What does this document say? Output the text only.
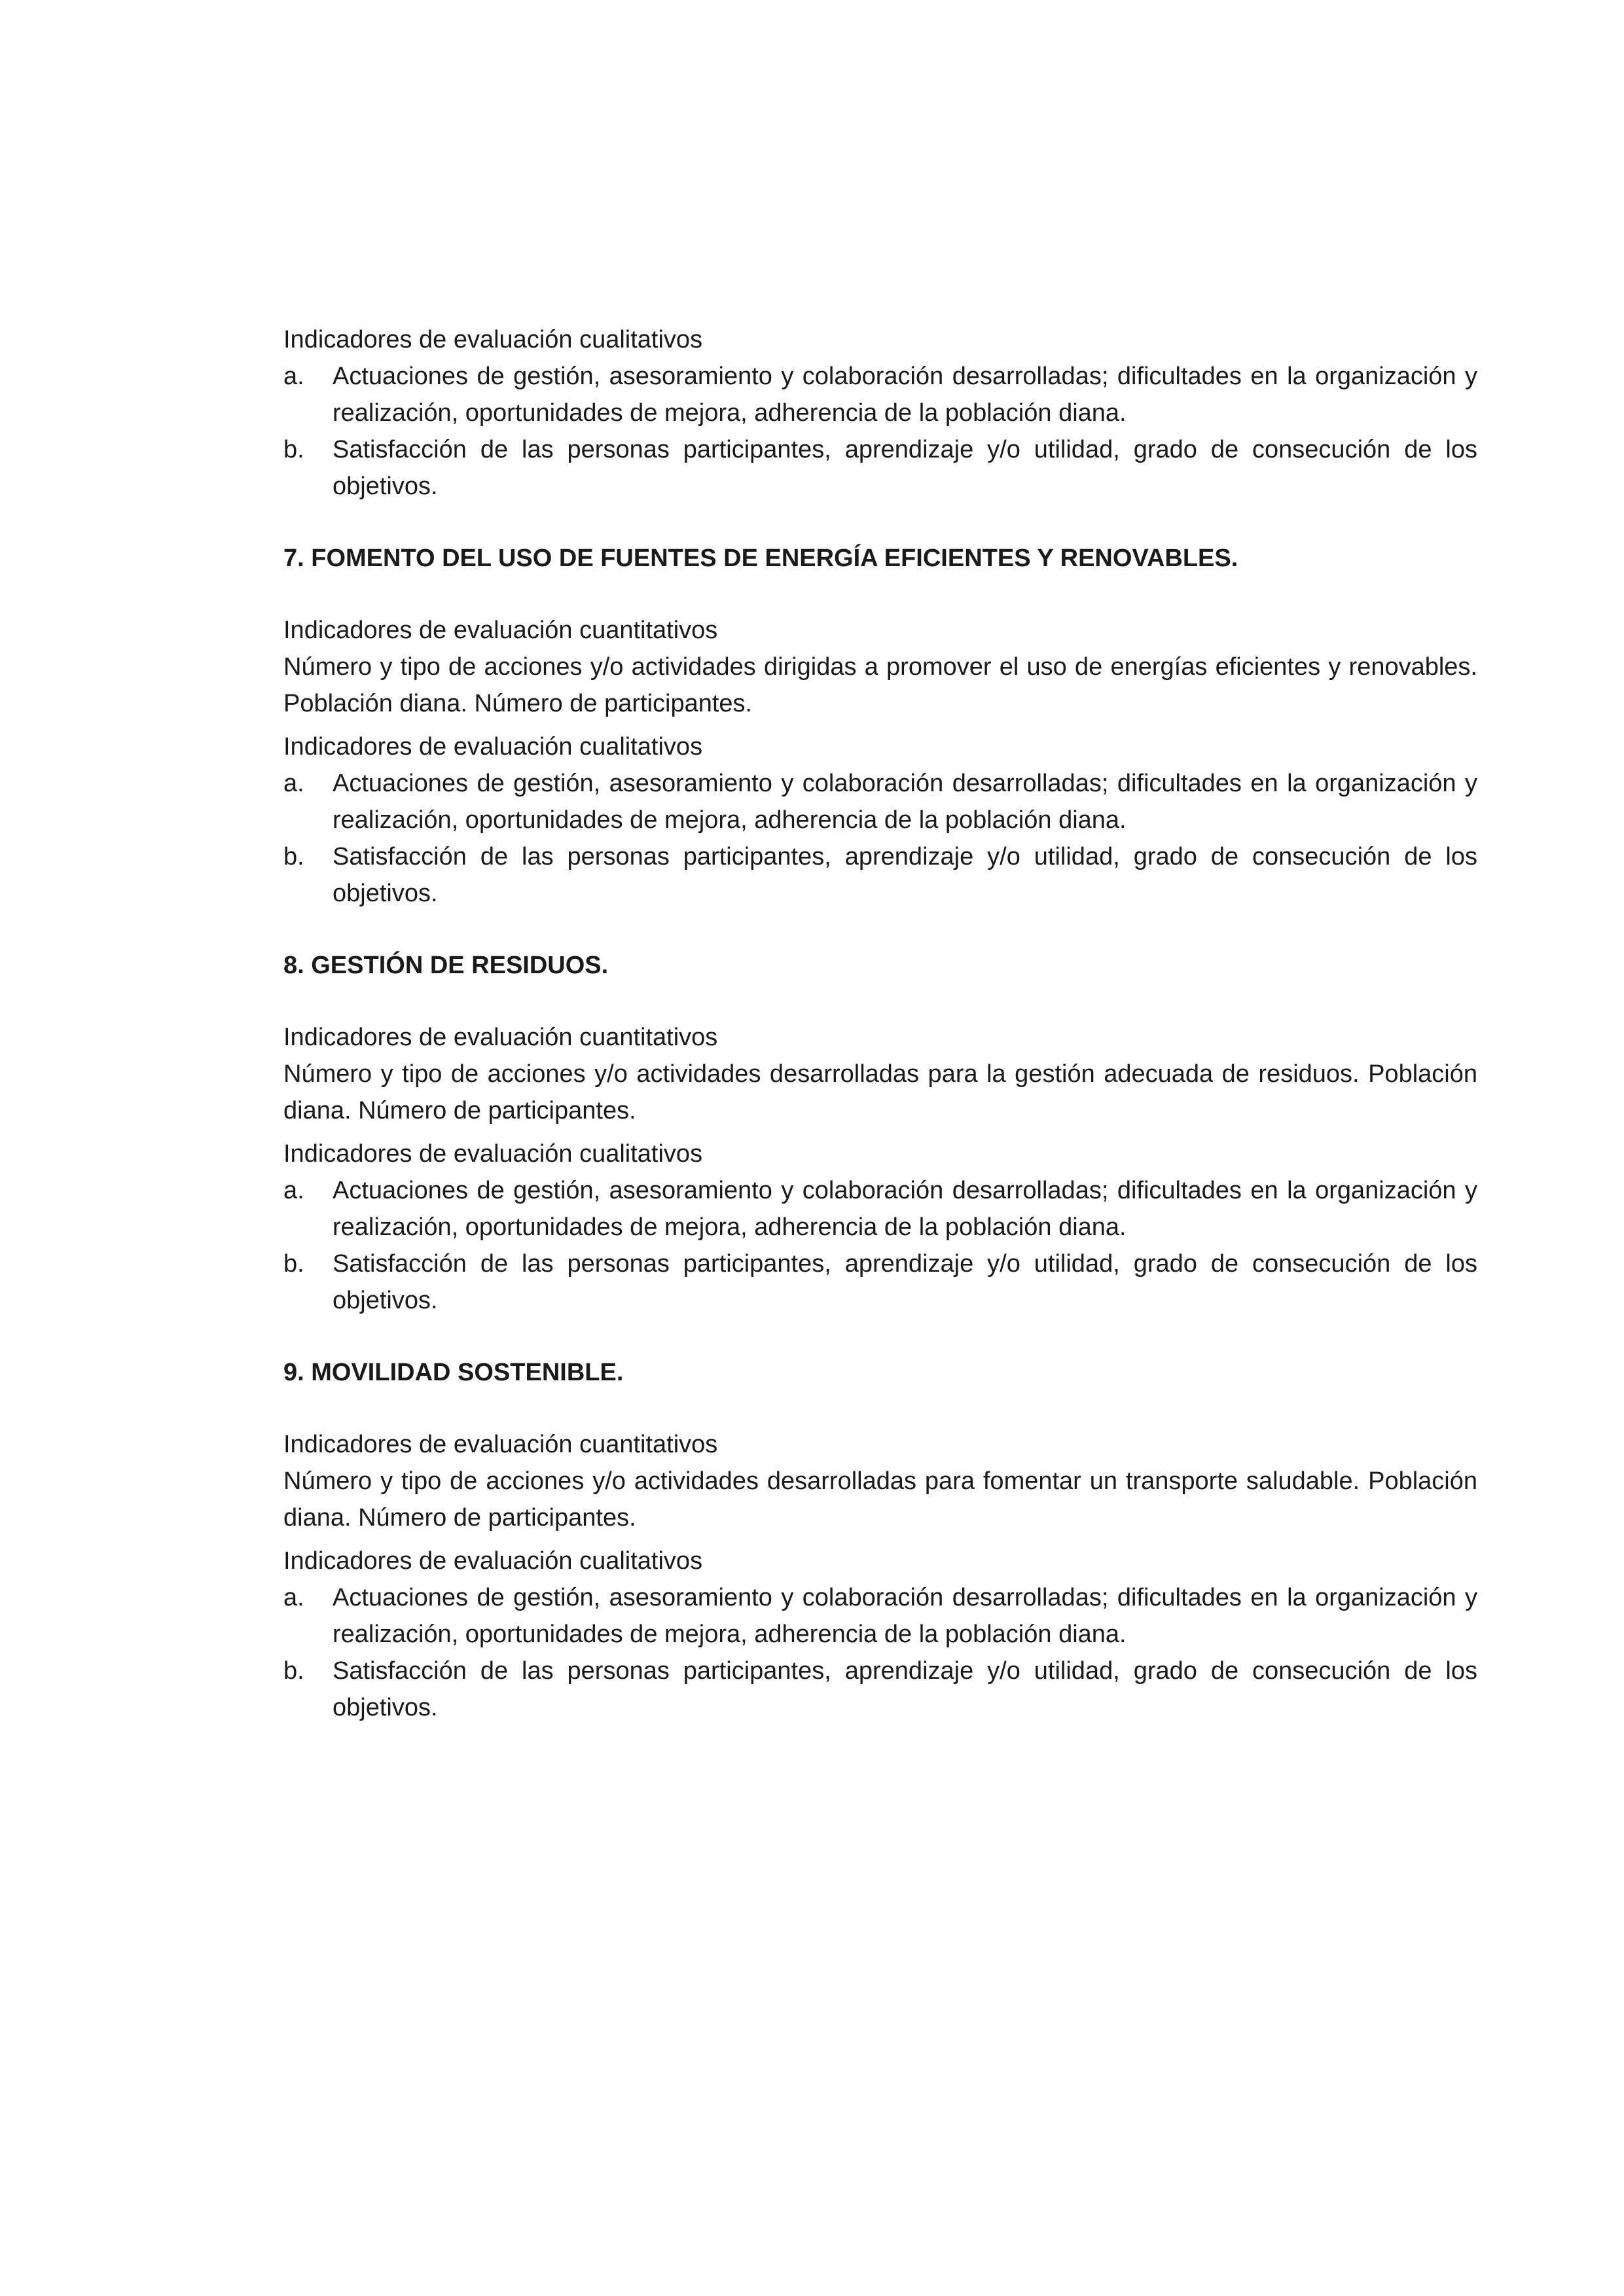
Indicadores de evaluación cualitativos

a. Actuaciones de gestión, asesoramiento y colaboración desarrolladas; dificultades en la organización y realización, oportunidades de mejora, adherencia de la población diana.
b. Satisfacción de las personas participantes, aprendizaje y/o utilidad, grado de consecución de los objetivos.

7. FOMENTO DEL USO DE FUENTES DE ENERGÍA EFICIENTES Y RENOVABLES.

Indicadores de evaluación cuantitativos

Número y tipo de acciones y/o actividades dirigidas a promover el uso de energías eficientes y renovables. Población diana. Número de participantes.

Indicadores de evaluación cualitativos

a. Actuaciones de gestión, asesoramiento y colaboración desarrolladas; dificultades en la organización y realización, oportunidades de mejora, adherencia de la población diana.
b. Satisfacción de las personas participantes, aprendizaje y/o utilidad, grado de consecución de los objetivos.

8. GESTIÓN DE RESIDUOS.

Indicadores de evaluación cuantitativos

Número y tipo de acciones y/o actividades desarrolladas para la gestión adecuada de residuos. Población diana. Número de participantes.

Indicadores de evaluación cualitativos

a. Actuaciones de gestión, asesoramiento y colaboración desarrolladas; dificultades en la organización y realización, oportunidades de mejora, adherencia de la población diana.
b. Satisfacción de las personas participantes, aprendizaje y/o utilidad, grado de consecución de los objetivos.

9. MOVILIDAD SOSTENIBLE.

Indicadores de evaluación cuantitativos

Número y tipo de acciones y/o actividades desarrolladas para fomentar un transporte saludable. Población diana. Número de participantes.

Indicadores de evaluación cualitativos

a. Actuaciones de gestión, asesoramiento y colaboración desarrolladas; dificultades en la organización y realización, oportunidades de mejora, adherencia de la población diana.
b. Satisfacción de las personas participantes, aprendizaje y/o utilidad, grado de consecución de los objetivos.
